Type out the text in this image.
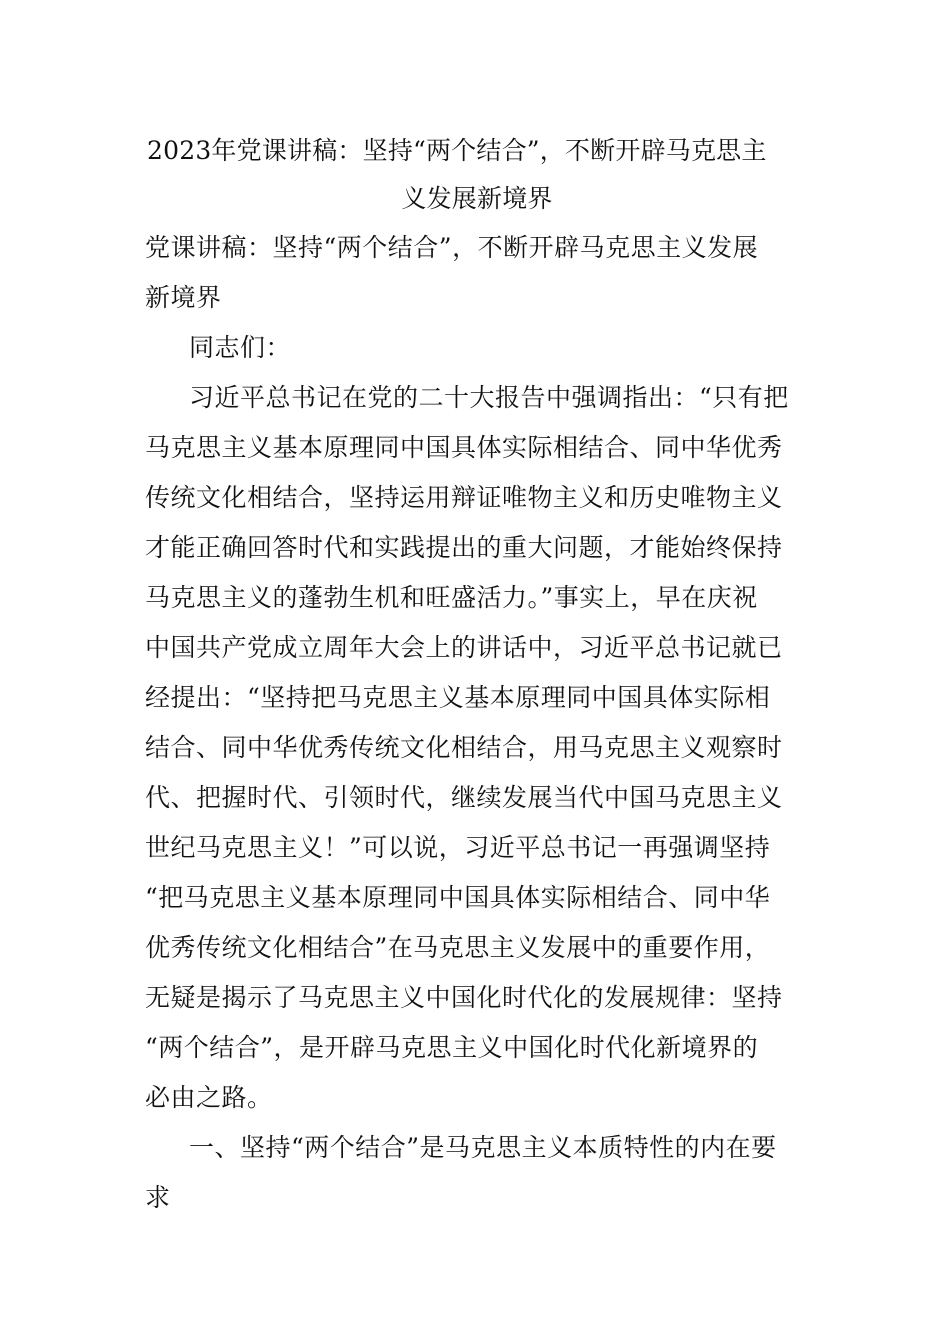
2023年党课讲稿：坚持“两个结合”，不断开辟马克思主
义发展新境界
党课讲稿：坚持“两个结合”，不断开辟马克思主义发展
新境界
同志们：
习近平总书记在党的二十大报告中强调指出：“只有把
马克思主义基本原理同中国具体实际相结合、同中华优秀
传统文化相结合，坚持运用辩证唯物主义和历史唯物主义
才能正确回答时代和实践提出的重大问题，才能始终保持
马克思主义的蓬勃生机和旺盛活力。”事实上，早在庆祝
中国共产党成立周年大会上的讲话中，习近平总书记就已
经提出：“坚持把马克思主义基本原理同中国具体实际相
结合、同中华优秀传统文化相结合，用马克思主义观察时
代、把握时代、引领时代，继续发展当代中国马克思主义
世纪马克思主义！”可以说，习近平总书记一再强调坚持
“把马克思主义基本原理同中国具体实际相结合、同中华
优秀传统文化相结合”在马克思主义发展中的重要作用，
无疑是揭示了马克思主义中国化时代化的发展规律：坚持
“两个结合”，是开辟马克思主义中国化时代化新境界的
必由之路。
一、坚持“两个结合”是马克思主义本质特性的内在要
求
